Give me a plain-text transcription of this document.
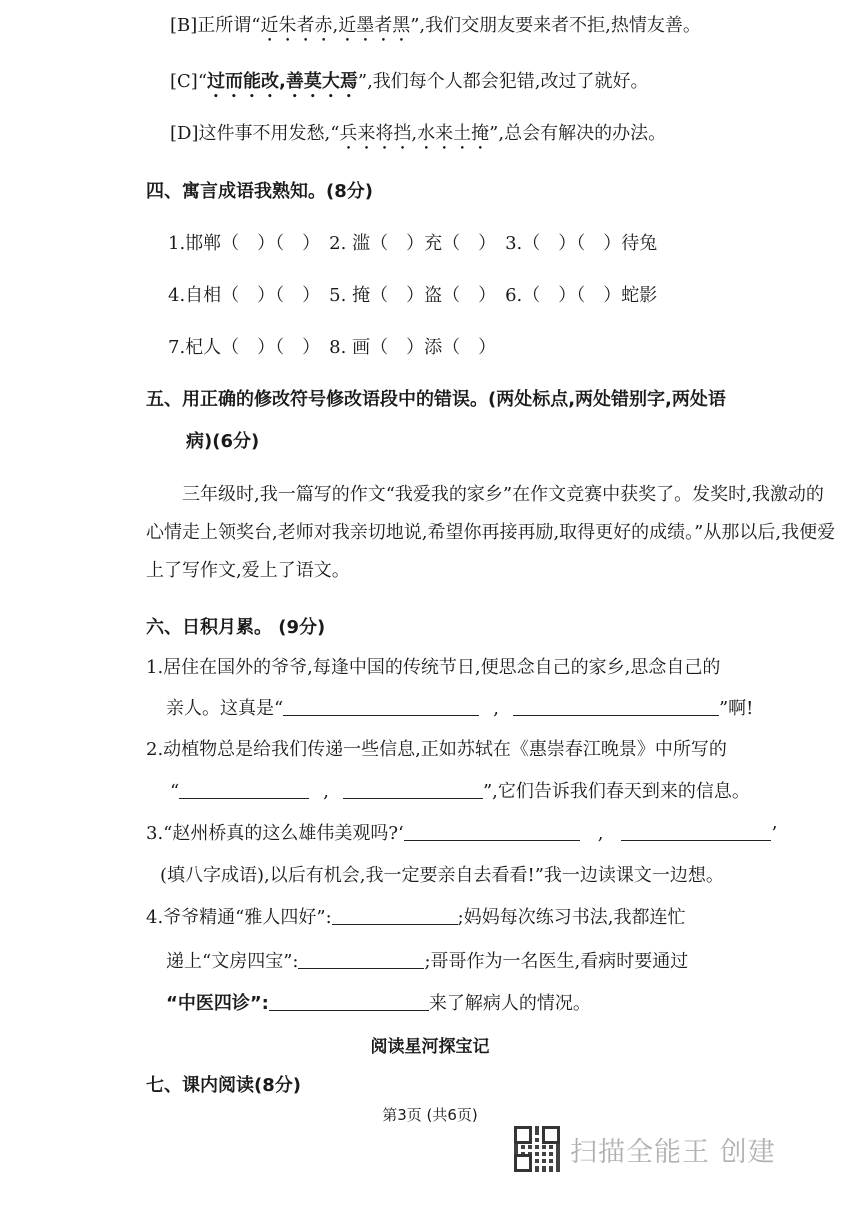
[B]正所谓“近朱者赤,近墨者黑”,我们交朋友要来者不拒,热情友善。
[C]“过而能改,善莫大焉”,我们每个人都会犯错,改过了就好。
[D]这件事不用发愁,“兵来将挡,水来土掩”,总会有解决的办法。
四、寓言成语我熟知。(8分)
1.邯郸（　）（　）　2. 滥（　）充（　）　3.（　）（　）待兔
4.自相（　）（　）　5. 掩（　）盗（　）　6.（　）（　）蛇影
7.杞人（　）（　）　8. 画（　）添（　）
五、用正确的修改符号修改语段中的错误。(两处标点,两处错别字,两处语
病)(6分)
三年级时,我一篇写的作文“我爱我的家乡”在作文竞赛中获奖了。发奖时,我激动的心情走上领奖台,老师对我亲切地说,希望你再接再励,取得更好的成绩。”从那以后,我便爱上了写作文,爱上了语文。
六、日积月累。 (9分)
1.居住在国外的爷爷,每逢中国的传统节日,便思念自己的家乡,思念自己的
亲人。这真是“	,	”啊!
2.动植物总是给我们传递一些信息,正如苏轼在《惠崇春江晚景》中所写的
“	,	”,它们告诉我们春天到来的信息。
3.“赵州桥真的这么雄伟美观吗?‘	,	’
(填八字成语),以后有机会,我一定要亲自去看看!”我一边读课文一边想。
4.爷爷精通“雅人四好”:	;妈妈每次练习书法,我都连忙
递上“文房四宝”:	;哥哥作为一名医生,看病时要通过
“中医四诊”:	来了解病人的情况。
阅读星河探宝记
七、课内阅读(8分)
第3页 (共6页)
扫描全能王 创建
